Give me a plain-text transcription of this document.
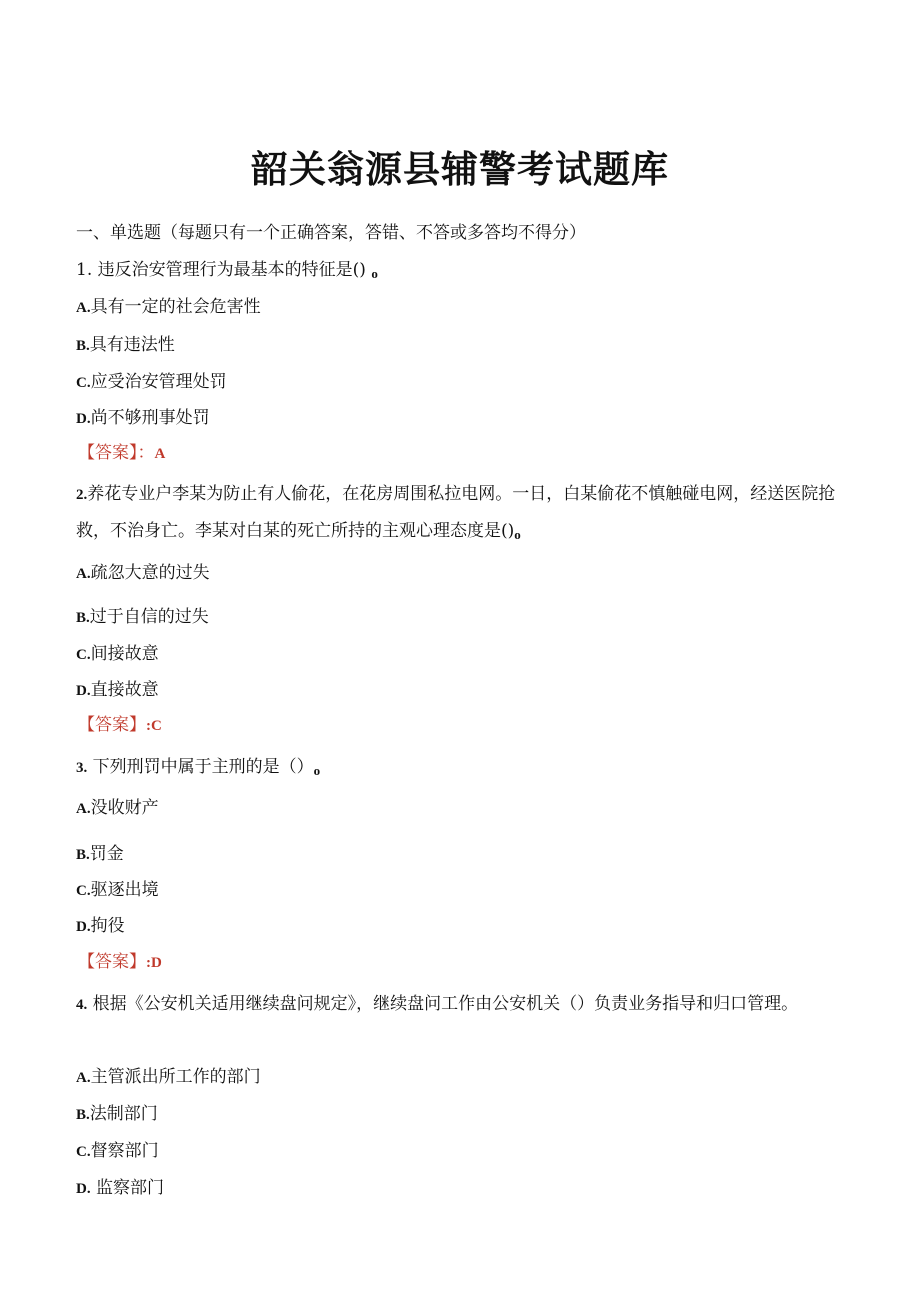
韶关翁源县辅警考试题库
一、单选题（每题只有一个正确答案，答错、不答或多答均不得分）
1. 违反治安管理行为最基本的特征是() o
A.具有一定的社会危害性
B.具有违法性
C.应受治安管理处罚
D.尚不够刑事处罚
【答案】：A
2.养花专业户李某为防止有人偷花，在花房周围私拉电网。一日，白某偷花不慎触碰电网，经送医院抢救，不治身亡。李某对白某的死亡所持的主观心理态度是()o
A.疏忽大意的过失
B.过于自信的过失
C.间接故意
D.直接故意
【答案】:C
3. 下列刑罚中属于主刑的是（）o
A.没收财产
B.罚金
C.驱逐出境
D.拘役
【答案】:D
4. 根据《公安机关适用继续盘问规定》，继续盘问工作由公安机关（）负责业务指导和归口管理。
A.主管派出所工作的部门
B.法制部门
C.督察部门
D. 监察部门
